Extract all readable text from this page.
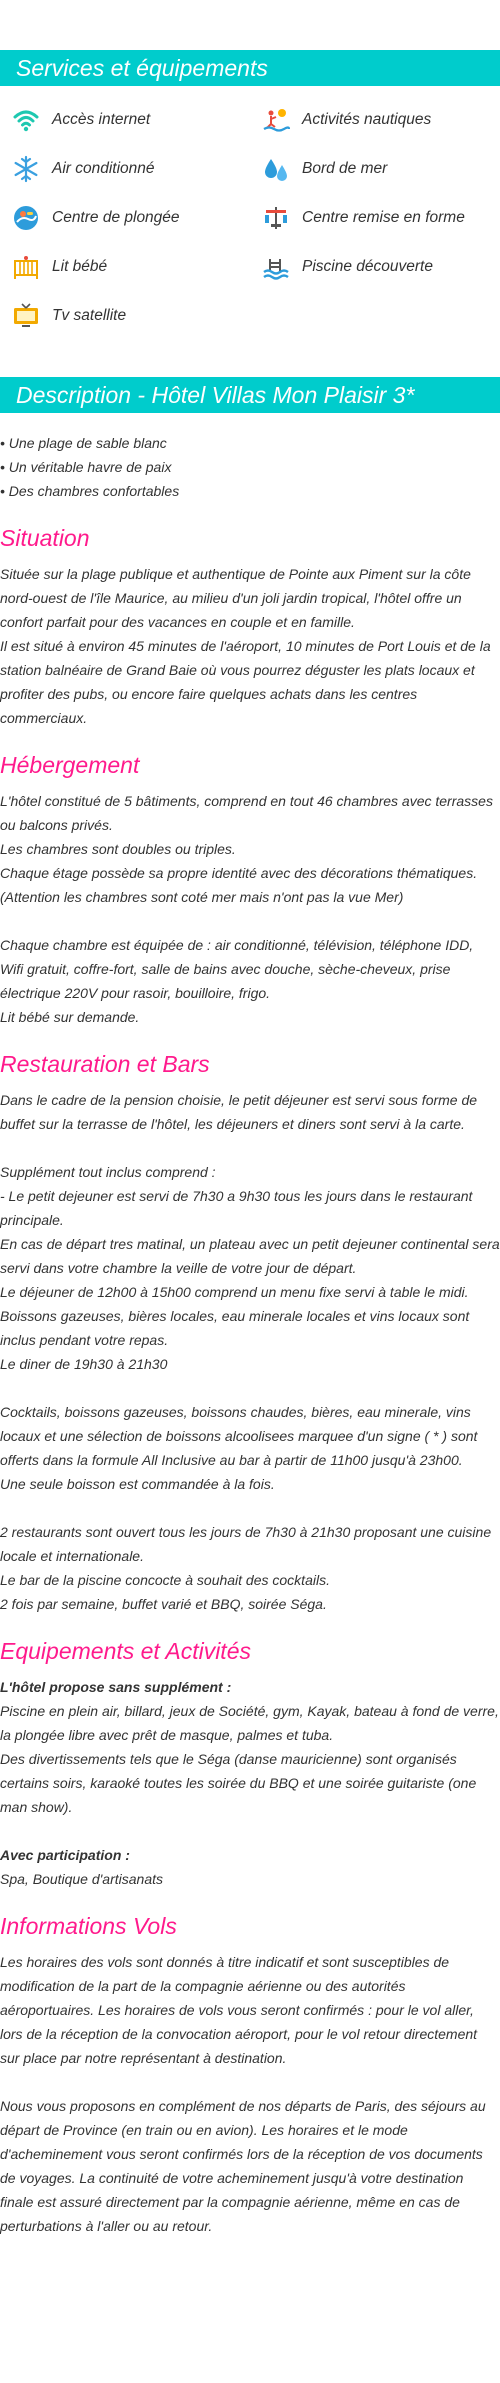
Services et équipements
Accès internet	Activités nautiques
Air conditionné	Bord de mer
Centre de plongée	Centre remise en forme
Lit bébé	Piscine découverte
Tv satellite
Description - Hôtel Villas Mon Plaisir 3*
• Une plage de sable blanc
• Un véritable havre de paix
• Des chambres confortables
Situation

Située sur la plage publique et authentique de Pointe aux Piment sur la côte nord-ouest de l'île Maurice, au milieu d'un joli jardin tropical, l'hôtel offre un confort parfait pour des vacances en couple et en famille.

Il est situé à environ 45 minutes de l'aéroport, 10 minutes de Port Louis et de la station balnéaire de Grand Baie où vous pourrez déguster les plats locaux et profiter des pubs, ou encore faire quelques achats dans les centres commerciaux.

Hébergement

L'hôtel constitué de 5 bâtiments, comprend en tout 46 chambres avec terrasses ou balcons privés.

Les chambres sont doubles ou triples.

Chaque étage possède sa propre identité avec des décorations thématiques. (Attention les chambres sont coté mer mais n'ont pas la vue Mer)

Chaque chambre est équipée de : air conditionné, télévision, téléphone IDD, Wifi gratuit, coffre-fort, salle de bains avec douche, sèche-cheveux, prise électrique 220V pour rasoir, bouilloire, frigo.

Lit bébé sur demande.

Restauration et Bars

Dans le cadre de la pension choisie, le petit déjeuner est servi sous forme de buffet sur la terrasse de l'hôtel, les déjeuners et diners sont servi à la carte.

Supplément tout inclus comprend :

- Le petit dejeuner est servi de 7h30 a 9h30 tous les jours dans le restaurant principale.

En cas de départ tres matinal, un plateau avec un petit dejeuner continental sera servi dans votre chambre la veille de votre jour de départ.

Le déjeuner de 12h00 à 15h00 comprend un menu fixe servi à table le midi. Boissons gazeuses, bières locales, eau minerale locales et vins locaux sont inclus pendant votre repas.

Le diner de 19h30 à 21h30

Cocktails, boissons gazeuses, boissons chaudes, bières, eau minerale, vins locaux et une sélection de boissons alcoolisees marquee d'un signe ( * ) sont offerts dans la formule All Inclusive au bar à partir de 11h00 jusqu'à 23h00.

Une seule boisson est commandée à la fois.

2 restaurants sont ouvert tous les jours de 7h30 à 21h30 proposant une cuisine locale et internationale.

Le bar de la piscine concocte à souhait des cocktails.

2 fois par semaine, buffet varié et BBQ, soirée Séga.

Equipements et Activités

L'hôtel propose sans supplément :

Piscine en plein air, billard, jeux de Société, gym, Kayak, bateau à fond de verre, la plongée libre avec prêt de masque, palmes et tuba.

Des divertissements tels que le Séga (danse mauricienne) sont organisés certains soirs, karaoké toutes les soirée du BBQ et une soirée guitariste (one man show).

Avec participation :

Spa, Boutique d'artisanats

Informations Vols

Les horaires des vols sont donnés à titre indicatif et sont susceptibles de modification de la part de la compagnie aérienne ou des autorités aéroportuaires. Les horaires de vols vous seront confirmés : pour le vol aller, lors de la réception de la convocation aéroport, pour le vol retour directement sur place par notre représentant à destination.

Nous vous proposons en complément de nos départs de Paris, des séjours au départ de Province (en train ou en avion). Les horaires et le mode d'acheminement vous seront confirmés lors de la réception de vos documents de voyages. La continuité de votre acheminement jusqu'à votre destination finale est assuré directement par la compagnie aérienne, même en cas de perturbations à l'aller ou au retour.
